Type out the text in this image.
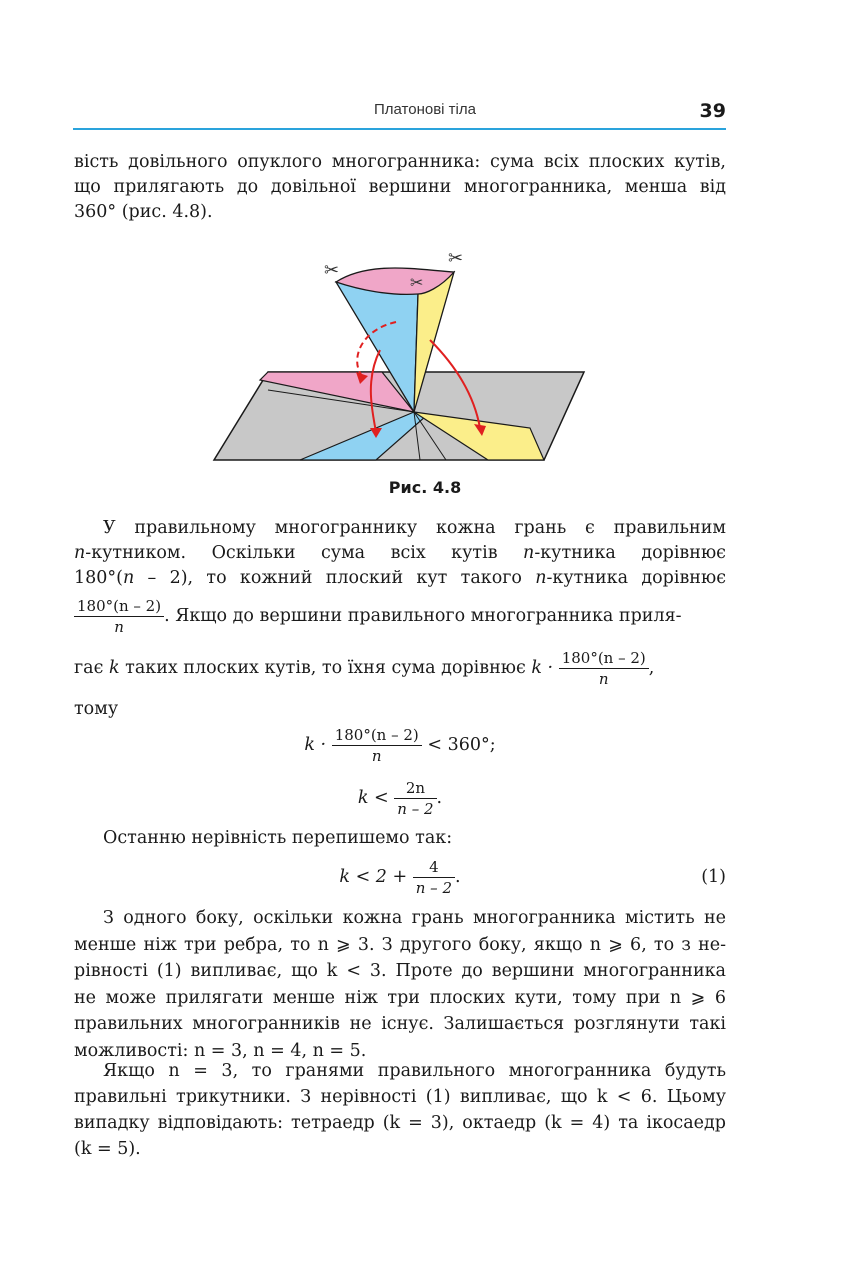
Платонові тіла	39

вість довільного опуклого многогранника: сума всіх плоских кутів,

що прилягають до довільної вершини многогранника, менша від

360° (рис. 4.8).

✂
✂
✂
Рис. 4.8

У правильному многограннику кожна грань є правильним

n-кутником. Оскільки сума всіх кутів n-кутника дорівнює

180°(n – 2), то кожний плоский кут такого n-кутника дорівнює

$\frac{180^\circ(n - 2)}{n}$ . Якщо до вершини правильного многогранника приля-
гає k таких плоских кутів, то їхня сума дорівнює $k \cdot \frac{180^\circ(n - 2)}{n}$ ,
тому
$k \cdot \frac{180^\circ(n - 2)}{n} < 360^\circ$;
$k < \frac{2n}{n - 2}$ .
Останню нерівність перепишемо так:
$k < 2 + \frac{4}{n - 2}$ .	(1)

З одного боку, оскільки кожна грань многогранника містить не

менше ніж три ребра, то n ⩾ 3. З другого боку, якщо n ⩾ 6, то з не-

рівності (1) випливає, що k < 3. Проте до вершини многогранника

не може прилягати менше ніж три плоских кути, тому при n ⩾ 6

правильних многогранників не існує. Залишається розглянути такі

можливості: n = 3, n = 4, n = 5.

Якщо n = 3, то гранями правильного многогранника будуть

правильні трикутники. З нерівності (1) випливає, що k < 6. Цьому

випадку відповідають: тетраедр (k = 3), октаедр (k = 4) та ікосаедр

(k = 5).
